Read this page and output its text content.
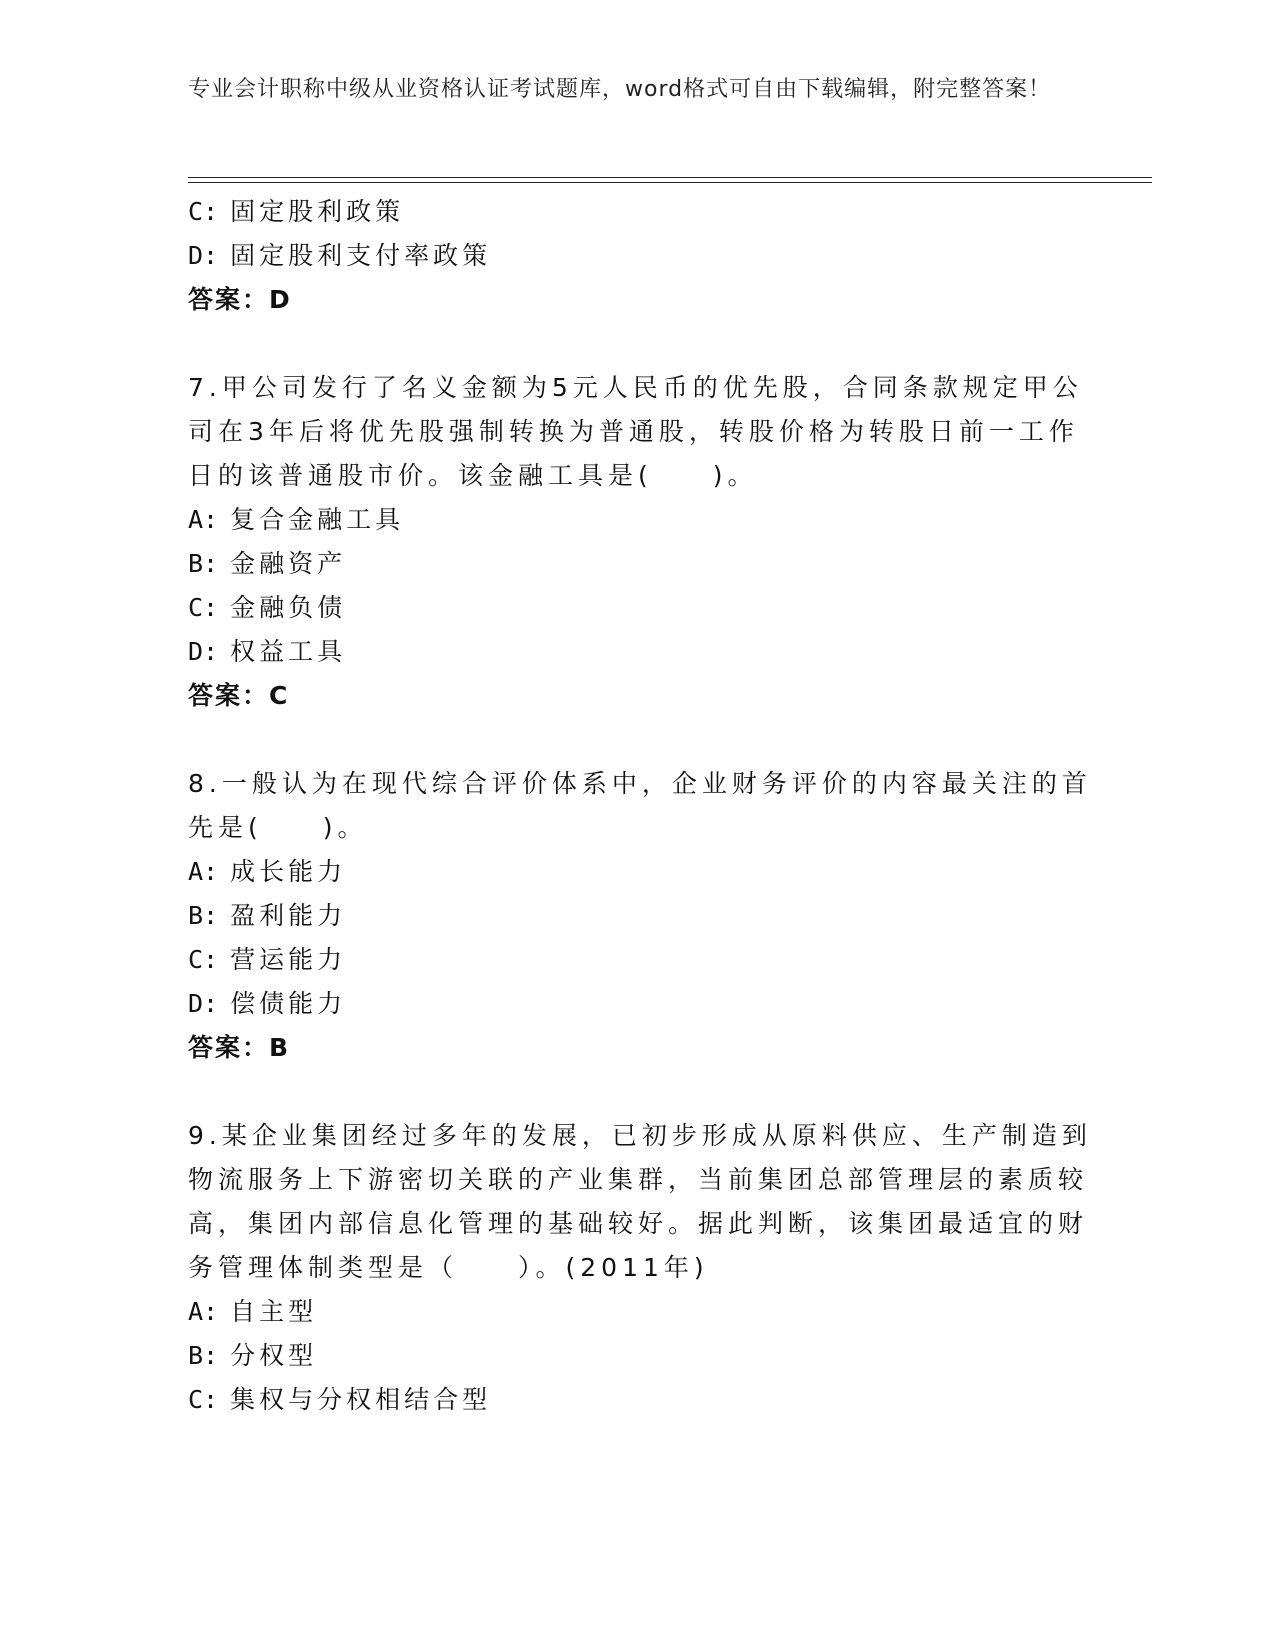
专业会计职称中级从业资格认证考试题库，word格式可自由下载编辑，附完整答案！
C: 固定股利政策
D: 固定股利支付率政策
答案：D
7.甲公司发行了名义金额为5元人民币的优先股，合同条款规定甲公
司在3年后将优先股强制转换为普通股，转股价格为转股日前一工作
日的该普通股市价。该金融工具是(　　)。
A: 复合金融工具
B: 金融资产
C: 金融负债
D: 权益工具
答案：C
8.一般认为在现代综合评价体系中，企业财务评价的内容最关注的首
先是(　　)。
A: 成长能力
B: 盈利能力
C: 营运能力
D: 偿债能力
答案：B
9.某企业集团经过多年的发展，已初步形成从原料供应、生产制造到
物流服务上下游密切关联的产业集群，当前集团总部管理层的素质较
高，集团内部信息化管理的基础较好。据此判断，该集团最适宜的财
务管理体制类型是（　　）。(2011年)
A: 自主型
B: 分权型
C: 集权与分权相结合型
